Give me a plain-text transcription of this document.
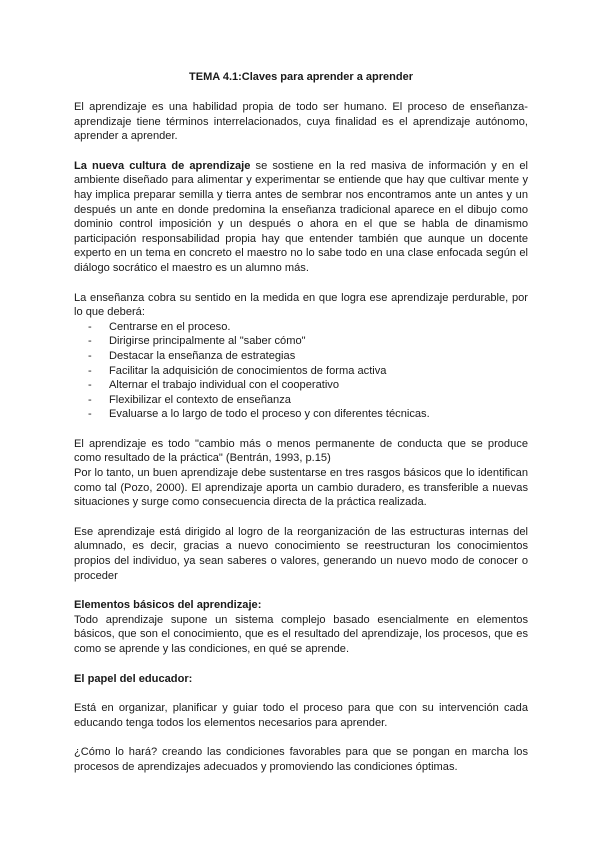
TEMA 4.1:Claves para aprender a aprender

El aprendizaje es una habilidad propia de todo ser humano. El proceso de enseñanza-aprendizaje tiene términos interrelacionados, cuya finalidad es el aprendizaje autónomo, aprender a aprender.

La nueva cultura de aprendizaje se sostiene en la red masiva de información y en el ambiente diseñado para alimentar y experimentar se entiende que hay que cultivar mente y hay implica preparar semilla y tierra antes de sembrar nos encontramos ante un antes y un después un ante en donde predomina la enseñanza tradicional aparece en el dibujo como dominio control imposición y un después o ahora en el que se habla de dinamismo participación responsabilidad propia hay que entender también que aunque un docente experto en un tema en concreto el maestro no lo sabe todo en una clase enfocada según el diálogo socrático el maestro es un alumno más.

La enseñanza cobra su sentido en la medida en que logra ese aprendizaje perdurable, por lo que deberá:

- Centrarse en el proceso.
- Dirigirse principalmente al "saber cómo"
- Destacar la enseñanza de estrategias
- Facilitar la adquisición de conocimientos de forma activa
- Alternar el trabajo individual con el cooperativo
- Flexibilizar el contexto de enseñanza
- Evaluarse a lo largo de todo el proceso y con diferentes técnicas.

El aprendizaje es todo "cambio más o menos permanente de conducta que se produce como resultado de la práctica" (Bentrán, 1993, p.15)

Por lo tanto, un buen aprendizaje debe sustentarse en tres rasgos básicos que lo identifican como tal (Pozo, 2000). El aprendizaje aporta un cambio duradero, es transferible a nuevas situaciones y surge como consecuencia directa de la práctica realizada.

Ese aprendizaje está dirigido al logro de la reorganización de las estructuras internas del alumnado, es decir, gracias a nuevo conocimiento se reestructuran los conocimientos propios del individuo, ya sean saberes o valores, generando un nuevo modo de conocer o proceder

Elementos básicos del aprendizaje:

Todo aprendizaje supone un sistema complejo basado esencialmente en elementos básicos, que son el conocimiento, que es el resultado del aprendizaje, los procesos, que es como se aprende y las condiciones, en qué se aprende.

El papel del educador:

Está en organizar, planificar y guiar todo el proceso para que con su intervención cada educando tenga todos los elementos necesarios para aprender.

¿Cómo lo hará? creando las condiciones favorables para que se pongan en marcha los procesos de aprendizajes adecuados y promoviendo las condiciones óptimas.
